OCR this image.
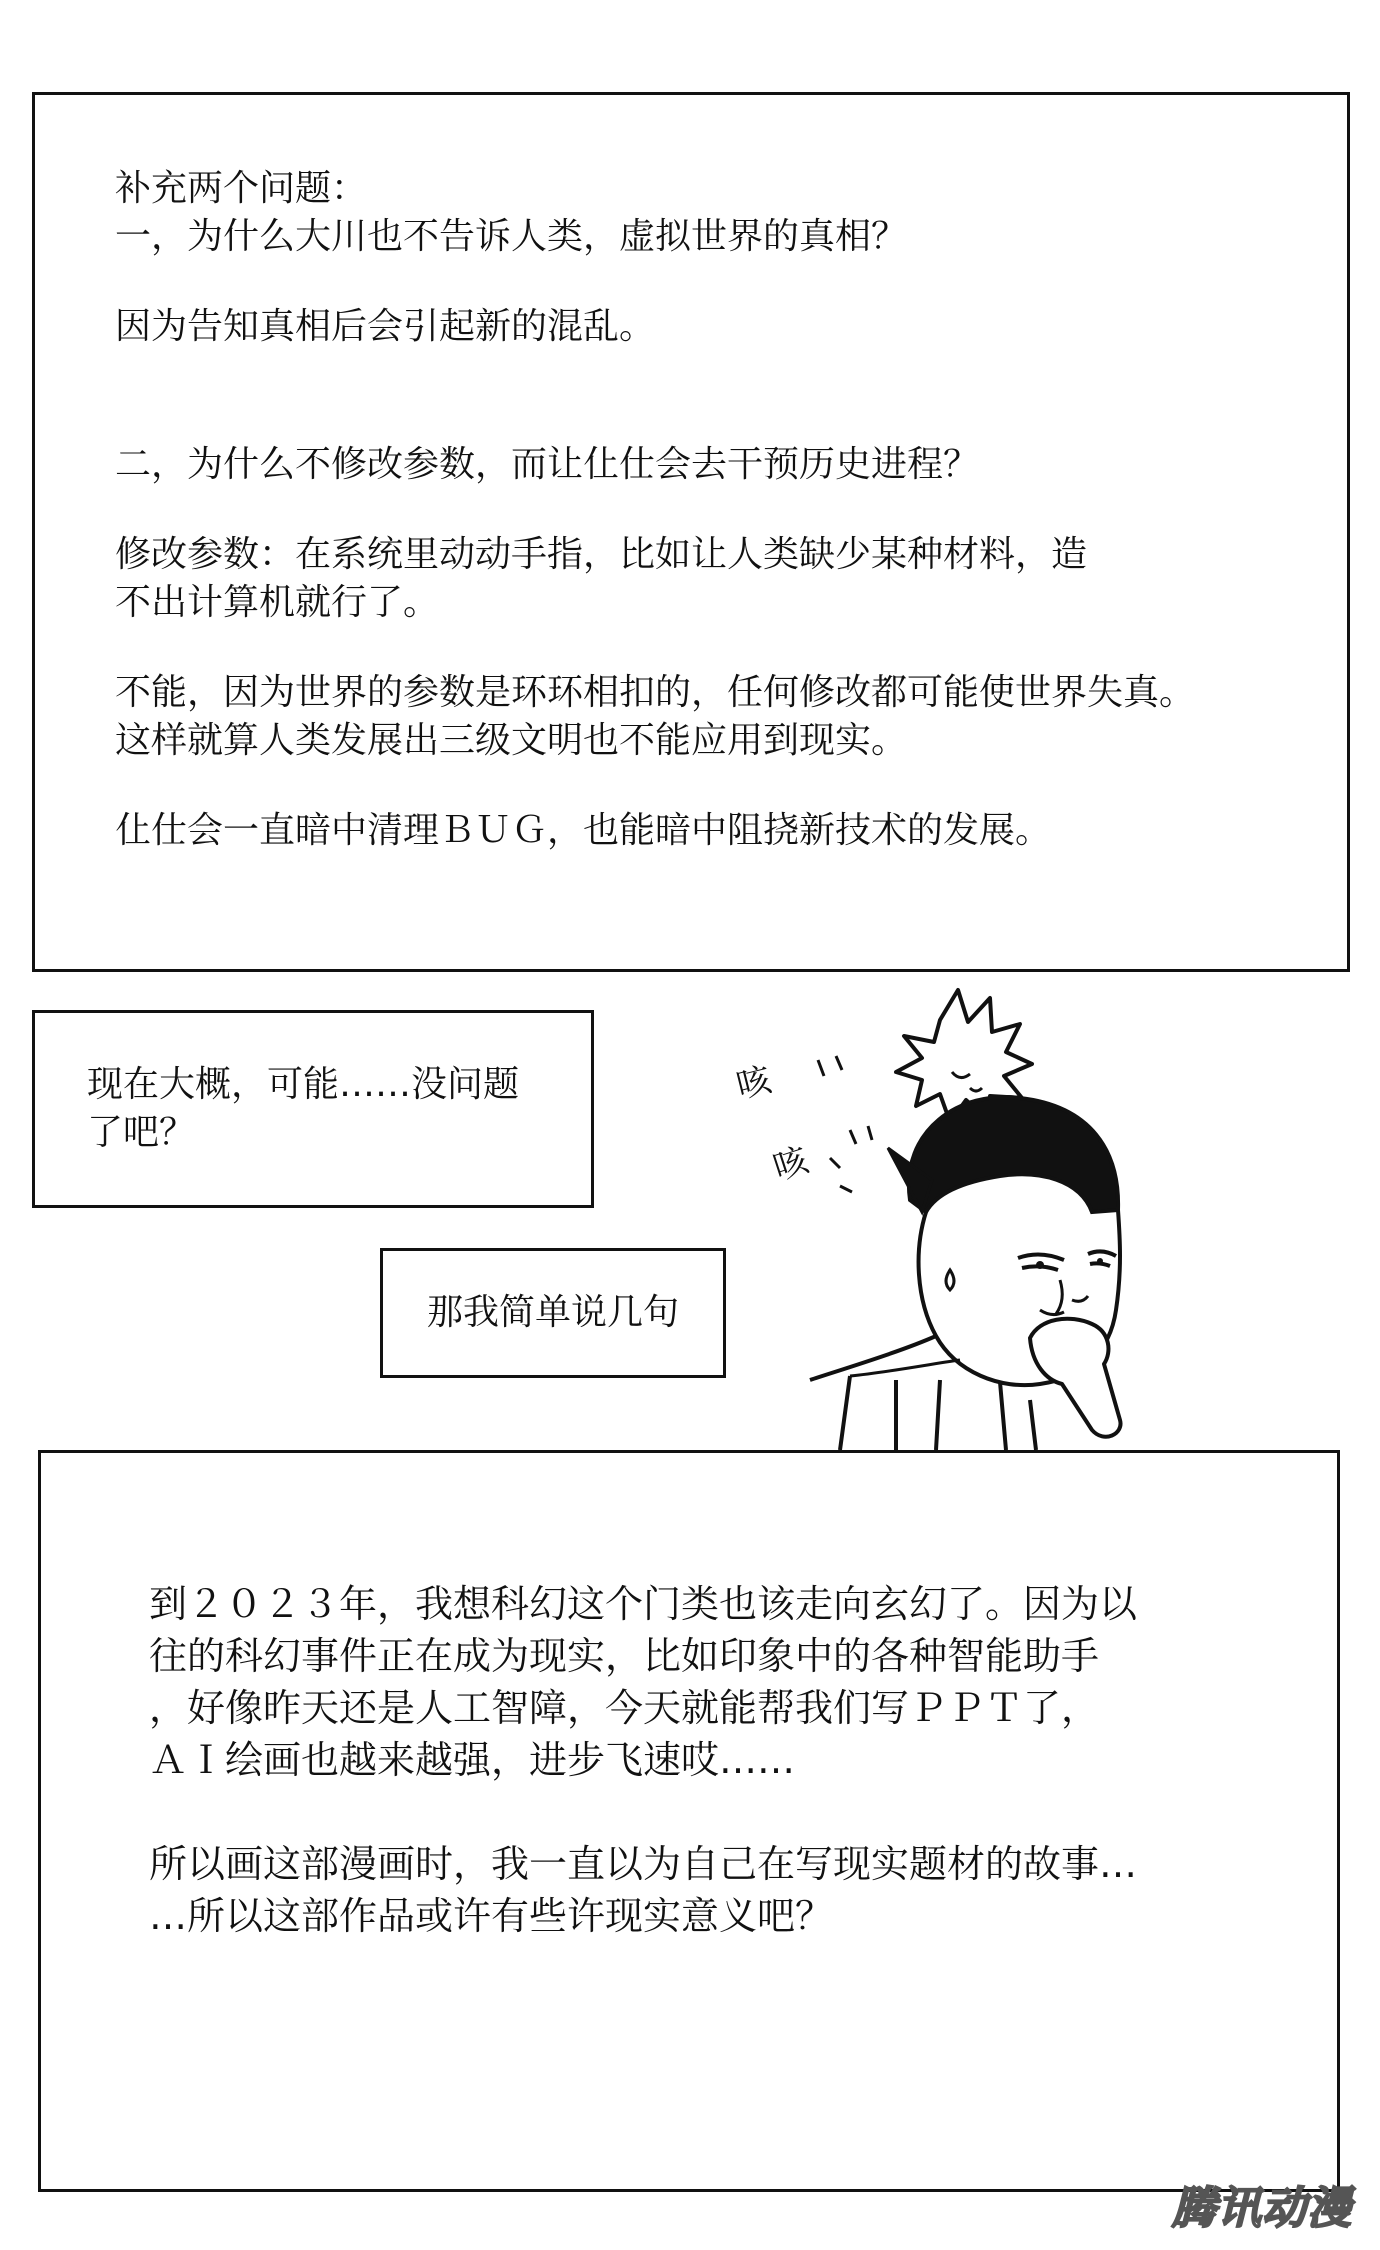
补充两个问题：
一，为什么大川也不告诉人类，虚拟世界的真相？
因为告知真相后会引起新的混乱。
二，为什么不修改参数，而让仩仕会去干预历史进程？
修改参数：在系统里动动手指，比如让人类缺少某种材料，造
不出计算机就行了。
不能，因为世界的参数是环环相扣的，任何修改都可能使世界失真。
这样就算人类发展出三级文明也不能应用到现实。
仩仕会一直暗中清理ＢＵＧ，也能暗中阻挠新技术的发展。
现在大概，可能……没问题
了吧？
那我简单说几句
咳
咳
到２０２３年，我想科幻这个门类也该走向玄幻了。因为以
往的科幻事件正在成为现实，比如印象中的各种智能助手
，好像昨天还是人工智障，今天就能帮我们写ＰＰＴ了，
ＡＩ绘画也越来越强，进步飞速哎……
所以画这部漫画时，我一直以为自己在写现实题材的故事…
…所以这部作品或许有些许现实意义吧？
腾讯动漫
